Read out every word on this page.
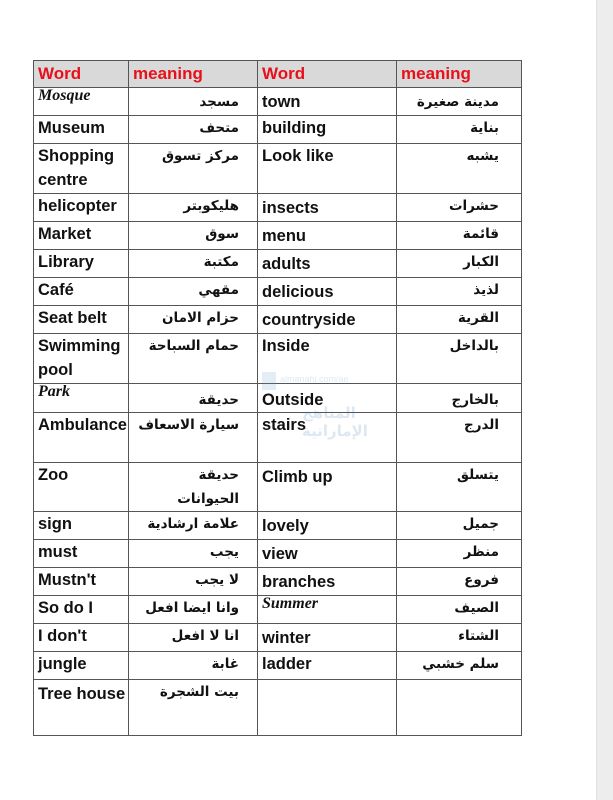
Word	meaning	Word	meaning
Mosque	مسجد	town	مدينة صغيرة

Museum	متحف	building	بناية
Shopping centre	مركز تسوق	Look like	يشبه
helicopter	هليكوبتر	insects	حشرات
Market	سوق	menu	قائمة
Library	مكتبة	adults	الكبار
Café	مقهي	delicious	لذيذ
Seat belt	حزام الامان	countryside	القرية
Swimming pool	حمام السباحة	Inside	بالداخل
Park	حديقة	Outside	بالخارج

Ambulance	سيارة الاسعاف	stairs	الدرج
Zoo	حديقة الحيوانات	Climb up	يتسلق
sign	علامة ارشادية	lovely	جميل
must	يجب	view	منظر
Mustn't	لا يجب	branches	فروع
So do I	وانا ايضا افعل	Summer	الصيف
I don't	انا لا افعل	winter	الشتاء
jungle	غابة	ladder	سلم خشبي

Tree house	بيت الشجرة		
almanahj.com/ae
المناهج الإماراتية
